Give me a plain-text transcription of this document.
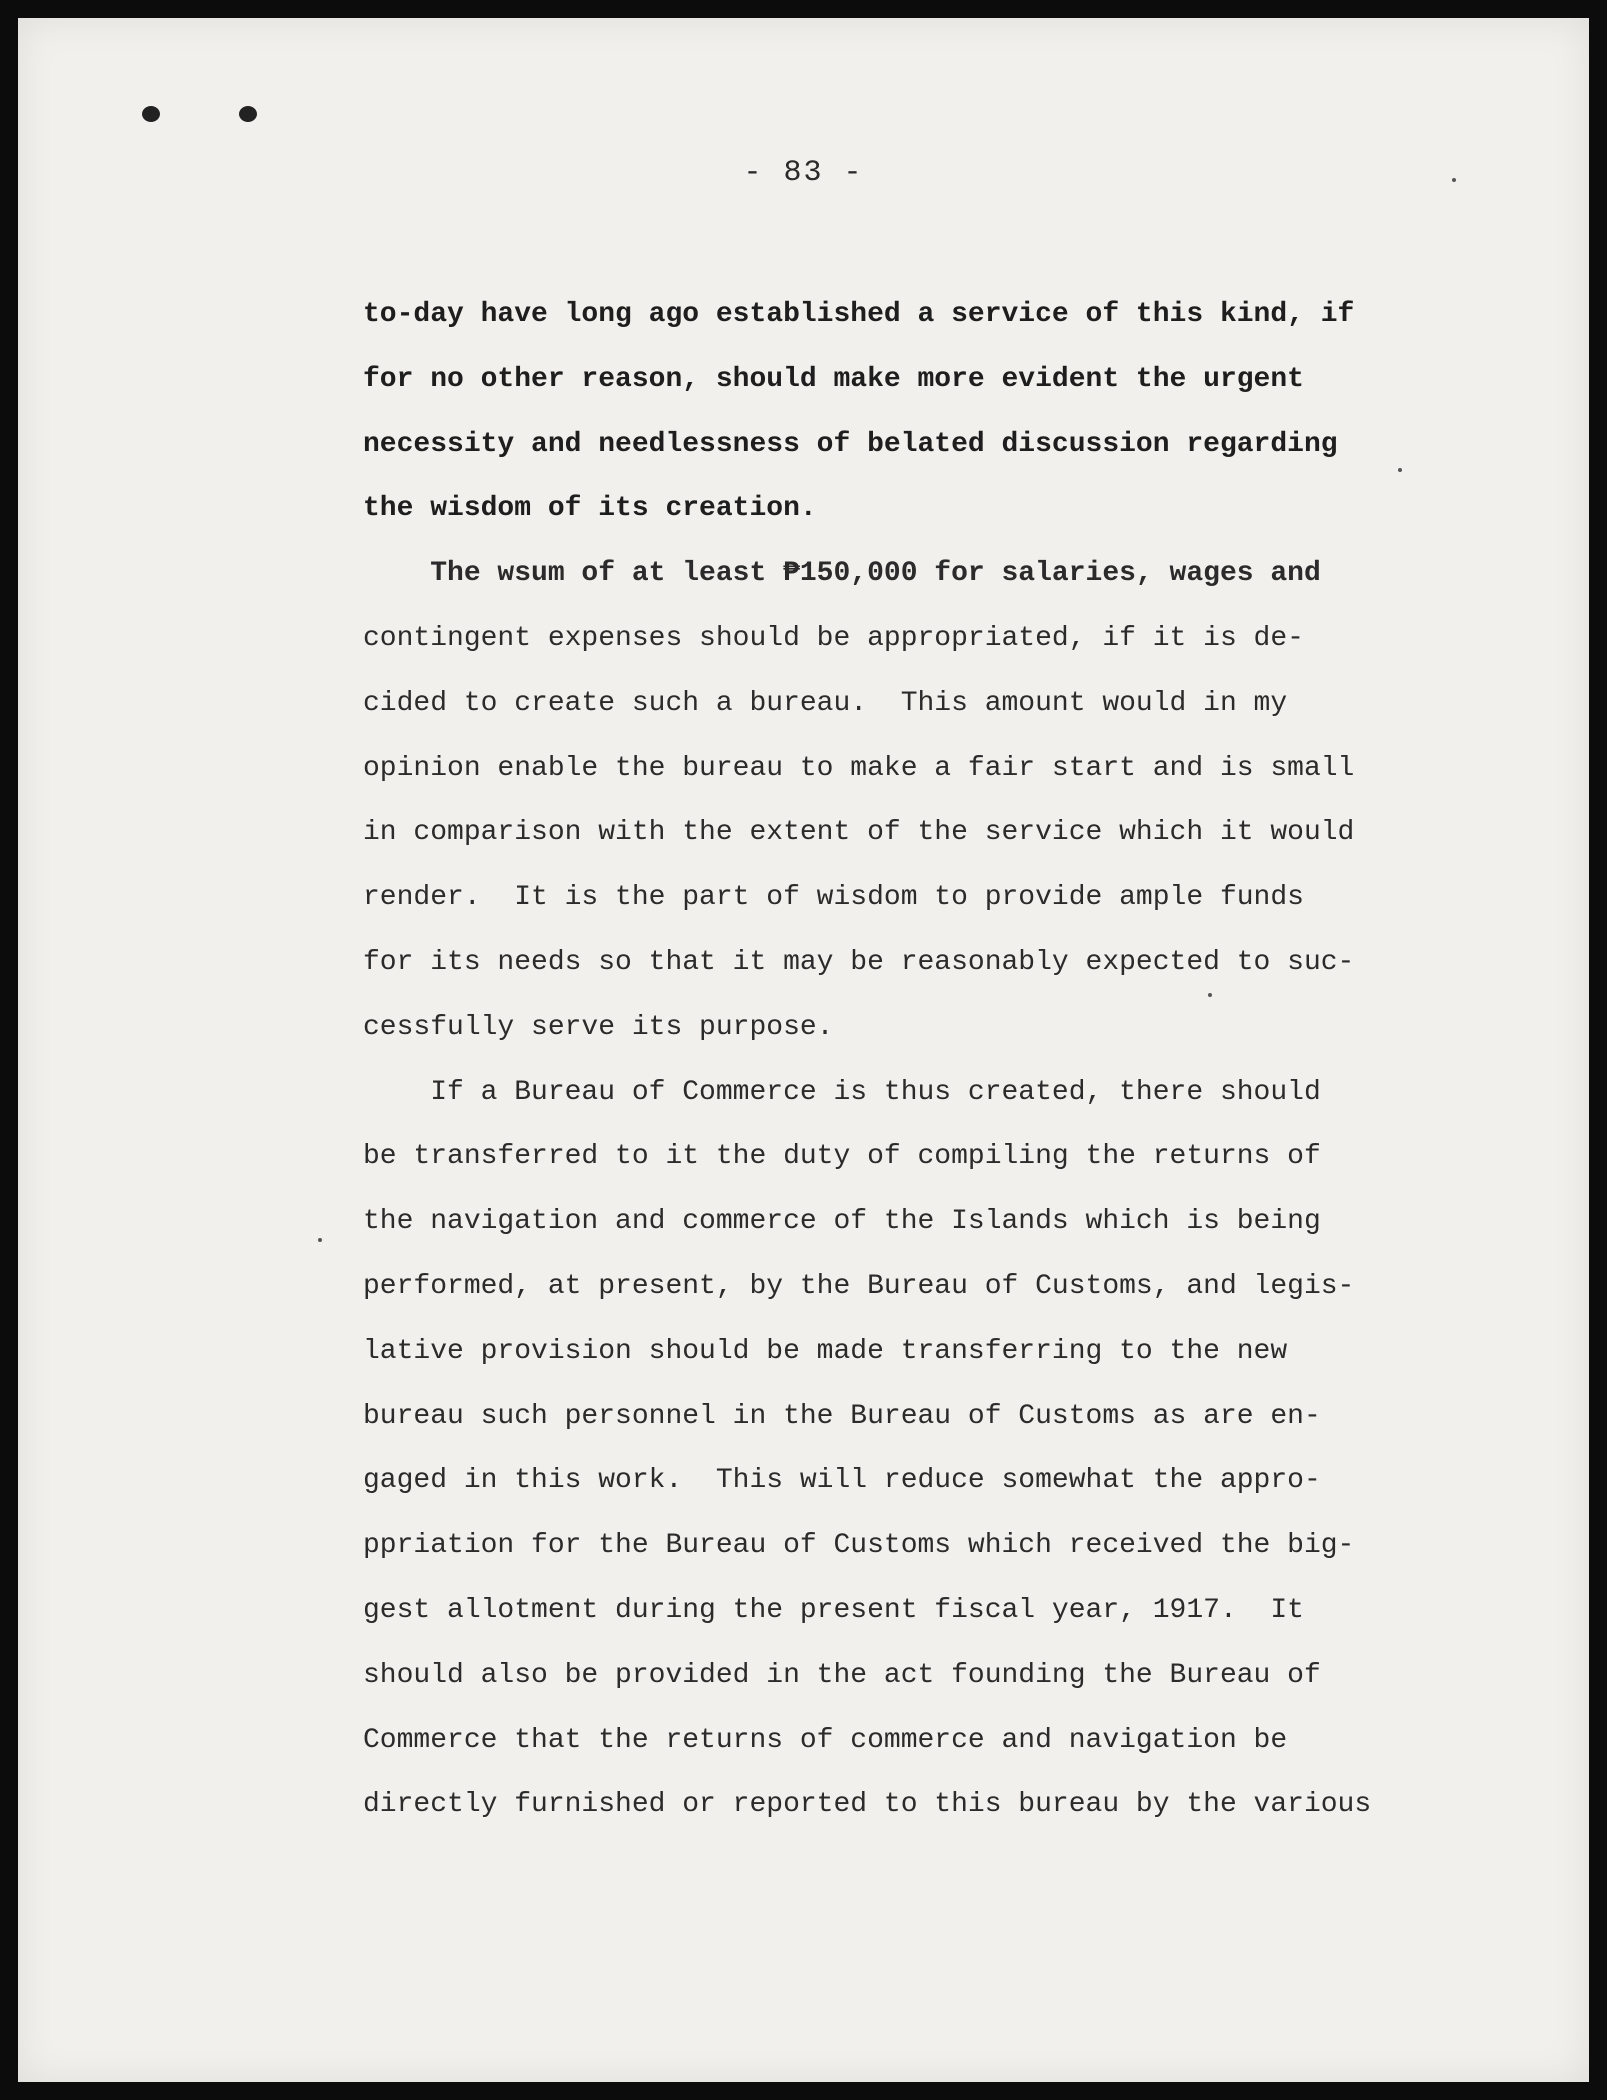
- 83 -
to-day have long ago established a service of this kind, if
for no other reason, should make more evident the urgent
necessity and needlessness of belated discussion regarding
the wisdom of its creation.
The wsum of at least ₱150,000 for salaries, wages and
contingent expenses should be appropriated, if it is de-
cided to create such a bureau.  This amount would in my
opinion enable the bureau to make a fair start and is small
in comparison with the extent of the service which it would
render.  It is the part of wisdom to provide ample funds
for its needs so that it may be reasonably expected to suc-
cessfully serve its purpose.
If a Bureau of Commerce is thus created, there should
be transferred to it the duty of compiling the returns of
the navigation and commerce of the Islands which is being
performed, at present, by the Bureau of Customs, and legis-
lative provision should be made transferring to the new
bureau such personnel in the Bureau of Customs as are en-
gaged in this work.  This will reduce somewhat the appro-
ppriation for the Bureau of Customs which received the big-
gest allotment during the present fiscal year, 1917.  It
should also be provided in the act founding the Bureau of
Commerce that the returns of commerce and navigation be
directly furnished or reported to this bureau by the various
